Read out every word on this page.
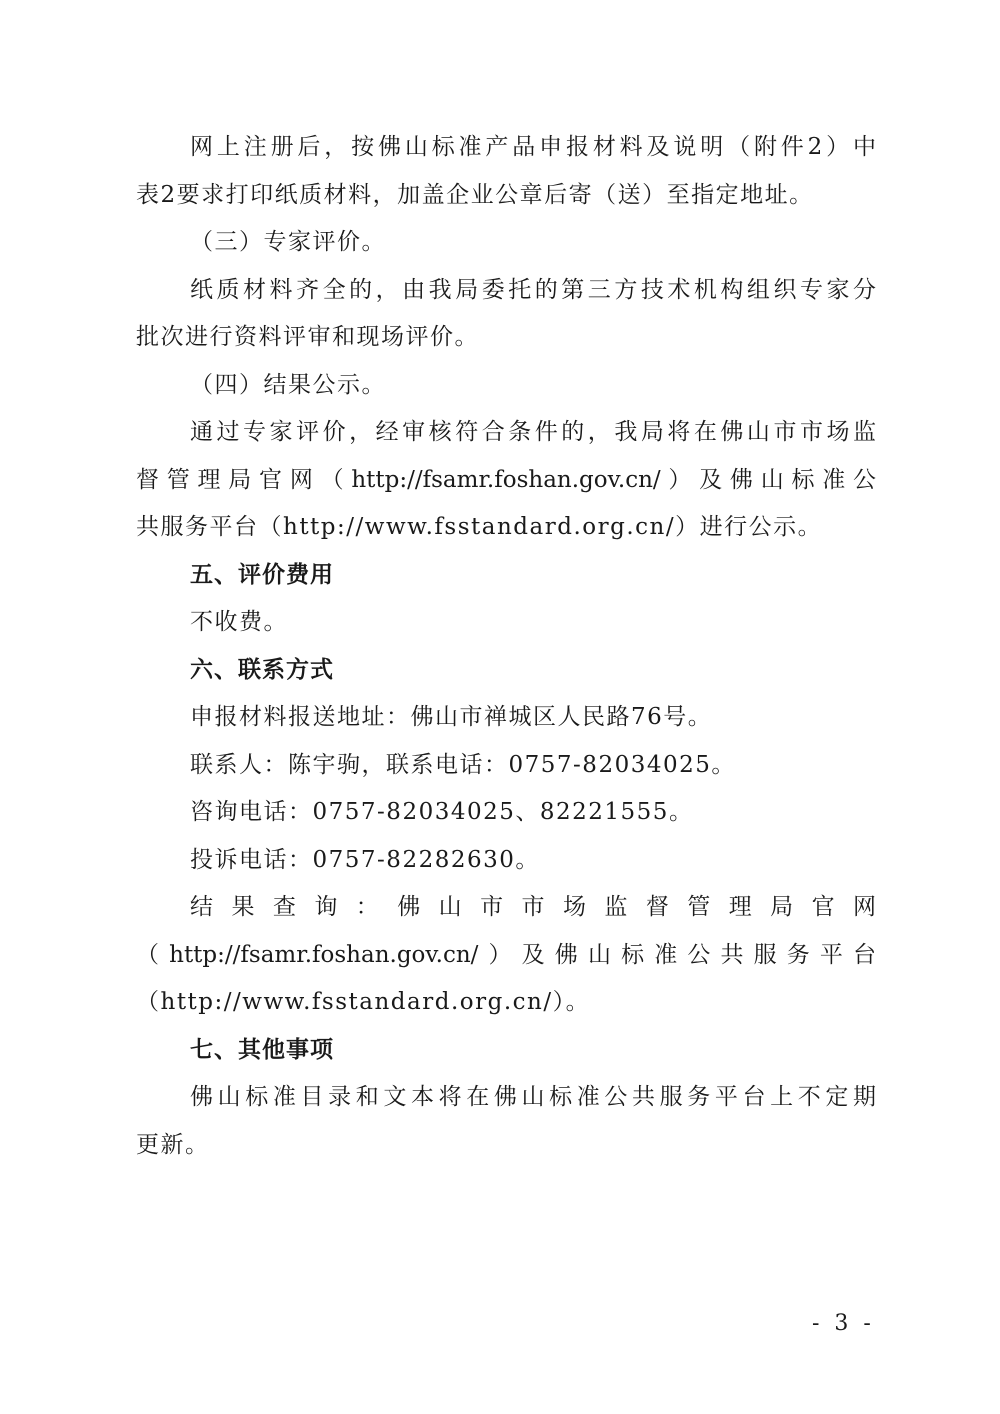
网上注册后，按佛山标准产品申报材料及说明（附件2）中
表2要求打印纸质材料，加盖企业公章后寄（送）至指定地址。
（三）专家评价。
纸质材料齐全的，由我局委托的第三方技术机构组织专家分
批次进行资料评审和现场评价。
（四）结果公示。
通过专家评价，经审核符合条件的，我局将在佛山市市场监
督管理局官网（http://fsamr.foshan.gov.cn/）及佛山标准公
共服务平台（http://www.fsstandard.org.cn/）进行公示。
五、评价费用
不收费。
六、联系方式
申报材料报送地址：佛山市禅城区人民路76号。
联系人：陈宇驹，联系电话：0757-82034025。
咨询电话：0757-82034025、82221555。
投诉电话：0757-82282630。
结果查询：佛山市市场监督管理局官网
（http://fsamr.foshan.gov.cn/）及佛山标准公共服务平台
（http://www.fsstandard.org.cn/）。
七、其他事项
佛山标准目录和文本将在佛山标准公共服务平台上不定期
更新。
- 3 -
